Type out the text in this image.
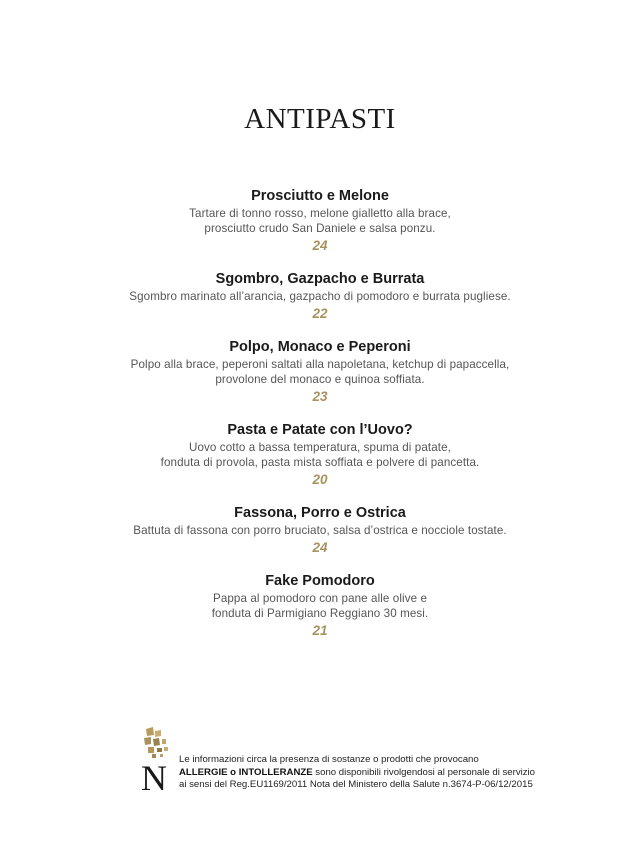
ANTIPASTI
Prosciutto e Melone
Tartare di tonno rosso, melone gialletto alla brace,
prosciutto crudo San Daniele e salsa ponzu.
24
Sgombro, Gazpacho e Burrata
Sgombro marinato all’arancia, gazpacho di pomodoro e burrata pugliese.
22
Polpo, Monaco e Peperoni
Polpo alla brace, peperoni saltati alla napoletana, ketchup di papaccella,
provolone del monaco e quinoa soffiata.
23
Pasta e Patate con l’Uovo?
Uovo cotto a bassa temperatura, spuma di patate,
fonduta di provola, pasta mista soffiata e polvere di pancetta.
20
Fassona, Porro e Ostrica
Battuta di fassona con porro bruciato, salsa d’ostrica e nocciole tostate.
24
Fake Pomodoro
Pappa al pomodoro con pane alle olive e
fonduta di Parmigiano Reggiano 30 mesi.
21
N Le informazioni circa la presenza di sostanze o prodotti che provocano
ALLERGIE o INTOLLERANZE sono disponibili rivolgendosi al personale di servizio
ai sensi del Reg.EU1169/2011 Nota del Ministero della Salute n.3674-P-06/12/2015
